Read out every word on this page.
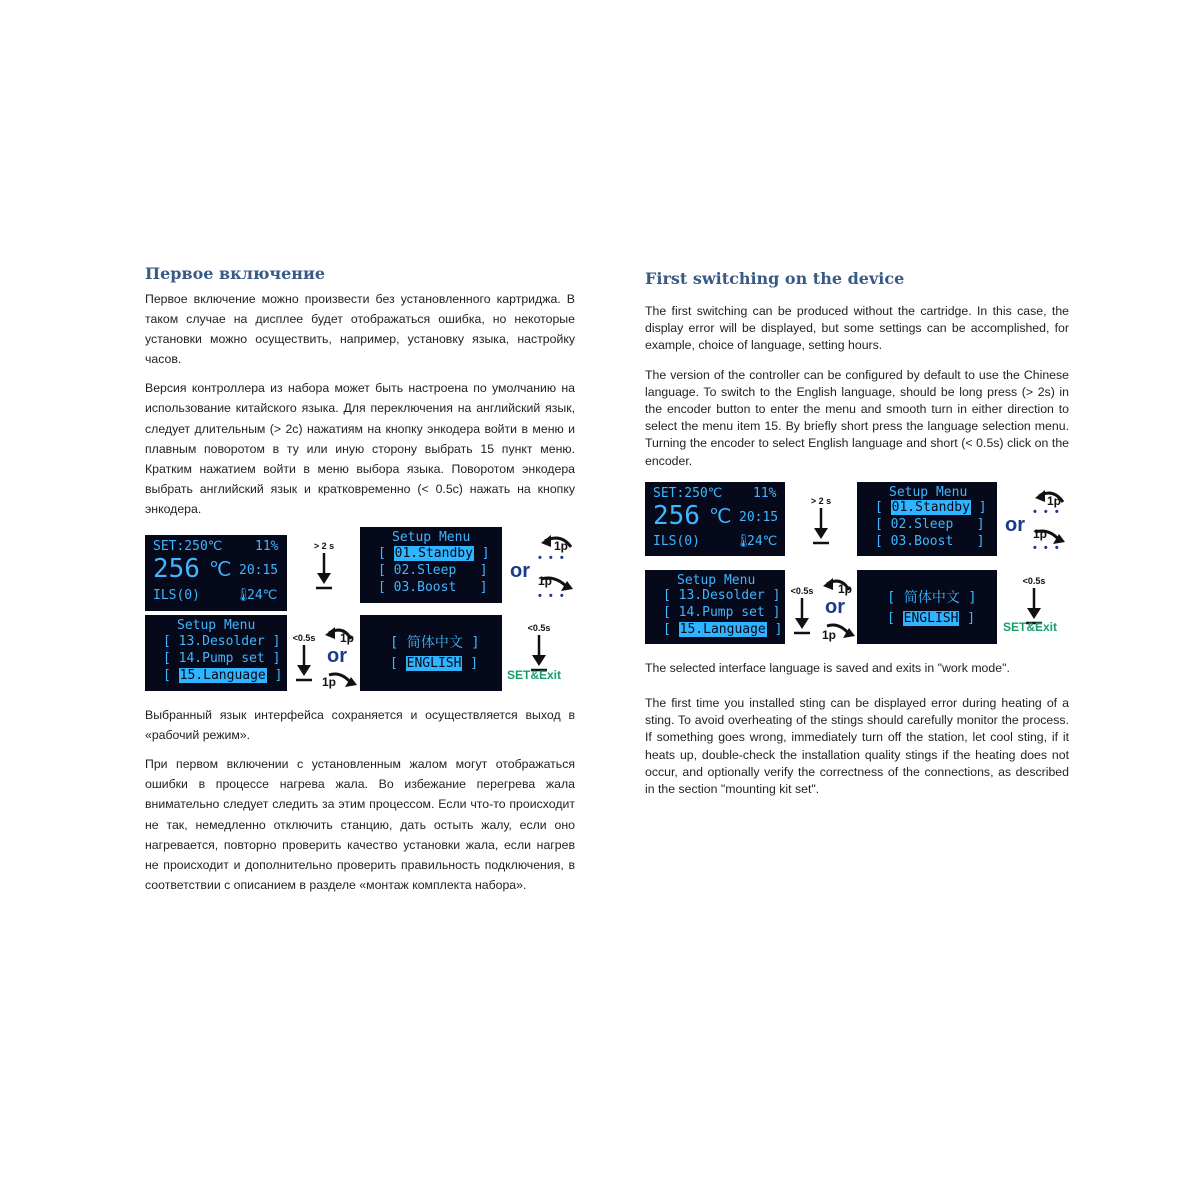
Первое включение

Первое включение можно произвести без установленного картриджа. В таком случае на дисплее будет отображаться ошибка, но некоторые установки можно осуществить, например, установку языка, настройку часов.

Версия контроллера из набора может быть настроена по умолчанию на использование китайского языка. Для переключения на английский язык, следует длительным (> 2с) нажатиям на кнопку энкодера войти в меню и плавным поворотом в ту или иную сторону выбрать 15 пункт меню. Кратким нажатием войти в меню выбора языка. Поворотом энкодера выбрать английский язык и кратковременно (< 0.5с) нажать на кнопку энкодера.

SET:250℃	11%
256 ℃ 20:15
ILS(0)	🌡
24℃
> 2 s
Setup Menu
[ 01.Standby ]
[ 02.Sleep   ]
[ 03.Boost   ]
1p
• • •
or 1p
• • •
Setup Menu
[ 13.Desolder ]
[ 14.Pump set ]
[ 15.Language ]
<0.5s 1p
or
1p
[ 简体中文 ]
[ ENGLISH ]
<0.5s
SET&Exit

Выбранный язык интерфейса сохраняется и осуществляется выход в «рабочий режим».

При первом включении с установленным жалом могут отображаться ошибки в процессе нагрева жала. Во избежание перегрева жала внимательно следует следить за этим процессом. Если что-то происходит не так, немедленно отключить станцию, дать остыть жалу, если оно нагревается, повторно проверить качество установки жала, если нагрев не происходит и дополнительно проверить правильность подключения, в соответствии с описанием в разделе «монтаж комплекта набора».

First switching on the device

The first switching can be produced without the cartridge. In this case, the display error will be displayed, but some settings can be accomplished, for example, choice of language, setting hours.

The version of the controller can be configured by default to use the Chinese language. To switch to the English language, should be long press (> 2s) in the encoder button to enter the menu and smooth turn in either direction to select the menu item 15. By briefly short press the language selection menu. Turning the encoder to select English language and short (< 0.5s) click on the encoder.

SET:250℃ 11%
256 ℃ 20:15
ILS(0)	🌡
24℃
> 2 s
Setup Menu
[ 01.Standby ]
[ 02.Sleep   ]
[ 03.Boost   ]
1p
• • •
or 1p
• • •
Setup Menu
[ 13.Desolder ]
[ 14.Pump set ]
[ 15.Language ]
<0.5s 1p
or
1p
[ 简体中文 ]
[ ENGLISH ]
<0.5s
SET&Exit

The selected interface language is saved and exits in "work mode".

The first time you installed sting can be displayed error during heating of a sting. To avoid overheating of the stings should carefully monitor the process. If something goes wrong, immediately turn off the station, let cool sting, if it heats up, double-check the installation quality stings if the heating does not occur, and optionally verify the correctness of the connections, as described in the section "mounting kit set".
